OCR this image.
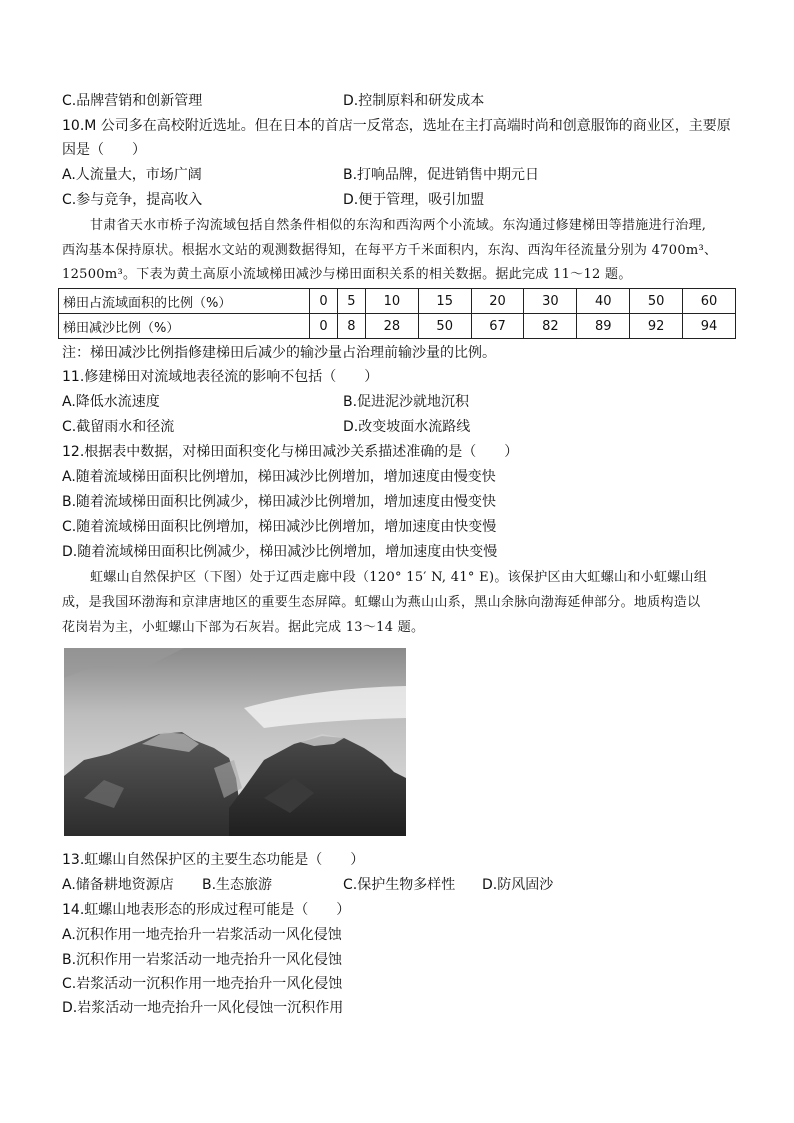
C.品牌营销和创新管理	D.控制原料和研发成本
10.M 公司多在高校附近选址。但在日本的首店一反常态，选址在主打高端时尚和创意服饰的商业区，主要原
因是（　　）
A.人流量大，市场广阔	B.打响品牌，促进销售中期元日
C.参与竞争，提高收入	D.便于管理，吸引加盟
甘肃省天水市桥子沟流域包括自然条件相似的东沟和西沟两个小流域。东沟通过修建梯田等措施进行治理,
西沟基本保持原状。根据水文站的观测数据得知，在每平方千米面积内，东沟、西沟年径流量分别为 4700m³、
12500m³。下表为黄土高原小流域梯田减沙与梯田面积关系的相关数据。据此完成 11～12 题。
梯田占流域面积的比例（%）	0	5	10	15	20	30	40	50	60
梯田减沙比例（%）	0	8	28	50	67	82	89	92	94
注：梯田减沙比例指修建梯田后减少的输沙量占治理前输沙量的比例。
11.修建梯田对流域地表径流的影响不包括（　　）
A.降低水流速度	B.促进泥沙就地沉积
C.截留雨水和径流	D.改变坡面水流路线
12.根据表中数据，对梯田面积变化与梯田减沙关系描述准确的是（　　）
A.随着流域梯田面积比例增加，梯田减沙比例增加，增加速度由慢变快
B.随着流域梯田面积比例减少，梯田减沙比例增加，增加速度由慢变快
C.随着流域梯田面积比例增加，梯田减沙比例增加，增加速度由快变慢
D.随着流域梯田面积比例减少，梯田减沙比例增加，增加速度由快变慢
虹螺山自然保护区（下图）处于辽西走廊中段（120° 15′ N, 41° E)。该保护区由大虹螺山和小虹螺山组
成，是我国环渤海和京津唐地区的重要生态屏障。虹螺山为燕山山系，黑山余脉向渤海延伸部分。地质构造以
花岗岩为主，小虹螺山下部为石灰岩。据此完成 13～14 题。
13.虹螺山自然保护区的主要生态功能是（　　）
A.储备耕地资源店 B.生态旅游	C.保护生物多样性 D.防风固沙
14.虹螺山地表形态的形成过程可能是（　　）
A.沉积作用一地壳抬升一岩浆活动一风化侵蚀
B.沉积作用一岩浆活动一地壳抬升一风化侵蚀
C.岩浆活动一沉积作用一地壳抬升一风化侵蚀
D.岩浆活动一地壳抬升一风化侵蚀一沉积作用
